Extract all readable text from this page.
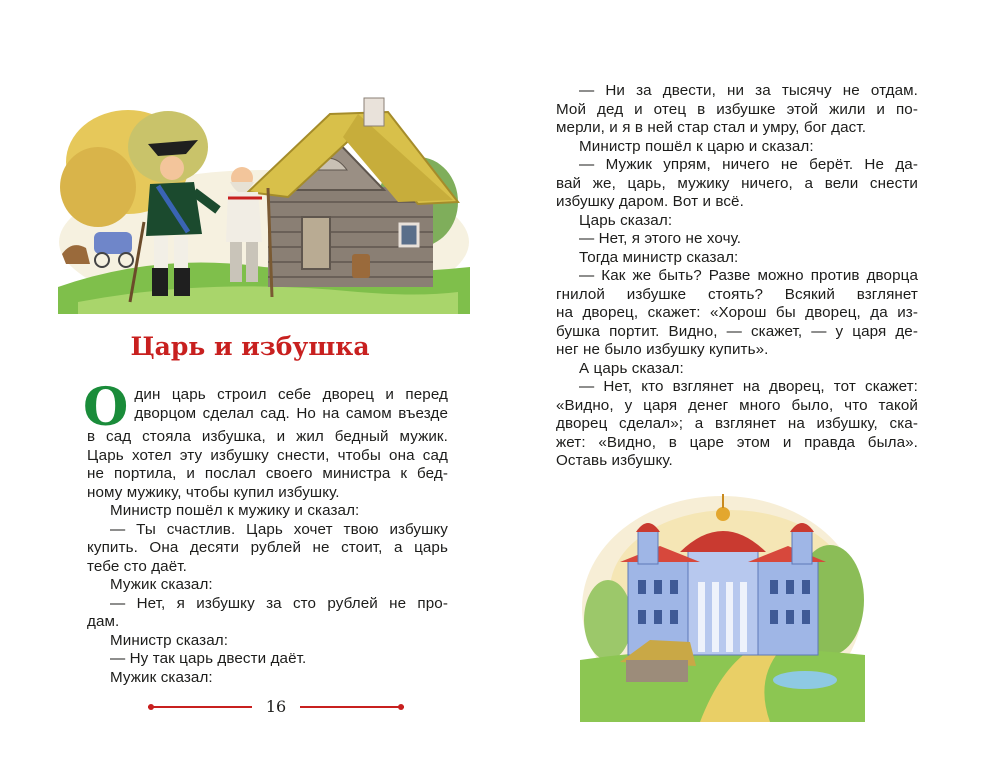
Царь и избушка

О дин царь строил себе дворец и перед
дворцом сделал сад. Но на самом въезде
в сад стояла избушка, и жил бедный мужик.
Царь хотел эту избушку снести, чтобы она сад
не портила, и послал своего министра к бед-
ному мужику, чтобы купил избушку.

Министр пошёл к мужику и сказал:

— Ты счастлив. Царь хочет твою избушку
купить. Она десяти рублей не стоит, а царь
тебе сто даёт.

Мужик сказал:

— Нет, я избушку за сто рублей не про-
дам.

Министр сказал:

— Ну так царь двести даёт.

Мужик сказал:

16

— Ни за двести, ни за тысячу не отдам.
Мой дед и отец в избушке этой жили и по-
мерли, и я в ней стар стал и умру, бог даст.

Министр пошёл к царю и сказал:

— Мужик упрям, ничего не берёт. Не да-
вай же, царь, мужику ничего, а вели снести
избушку даром. Вот и всё.

Царь сказал:

— Нет, я этого не хочу.

Тогда министр сказал:

— Как же быть? Разве можно против дворца
гнилой избушке стоять? Всякий взглянет
на дворец, скажет: «Хорош бы дворец, да из-
бушка портит. Видно, — скажет, — у царя де-
нег не было избушку купить».

А царь сказал:

— Нет, кто взглянет на дворец, тот скажет:
«Видно, у царя денег много было, что такой
дворец сделал»; а взглянет на избушку, ска-
жет: «Видно, в царе этом и правда была».
Оставь избушку.
